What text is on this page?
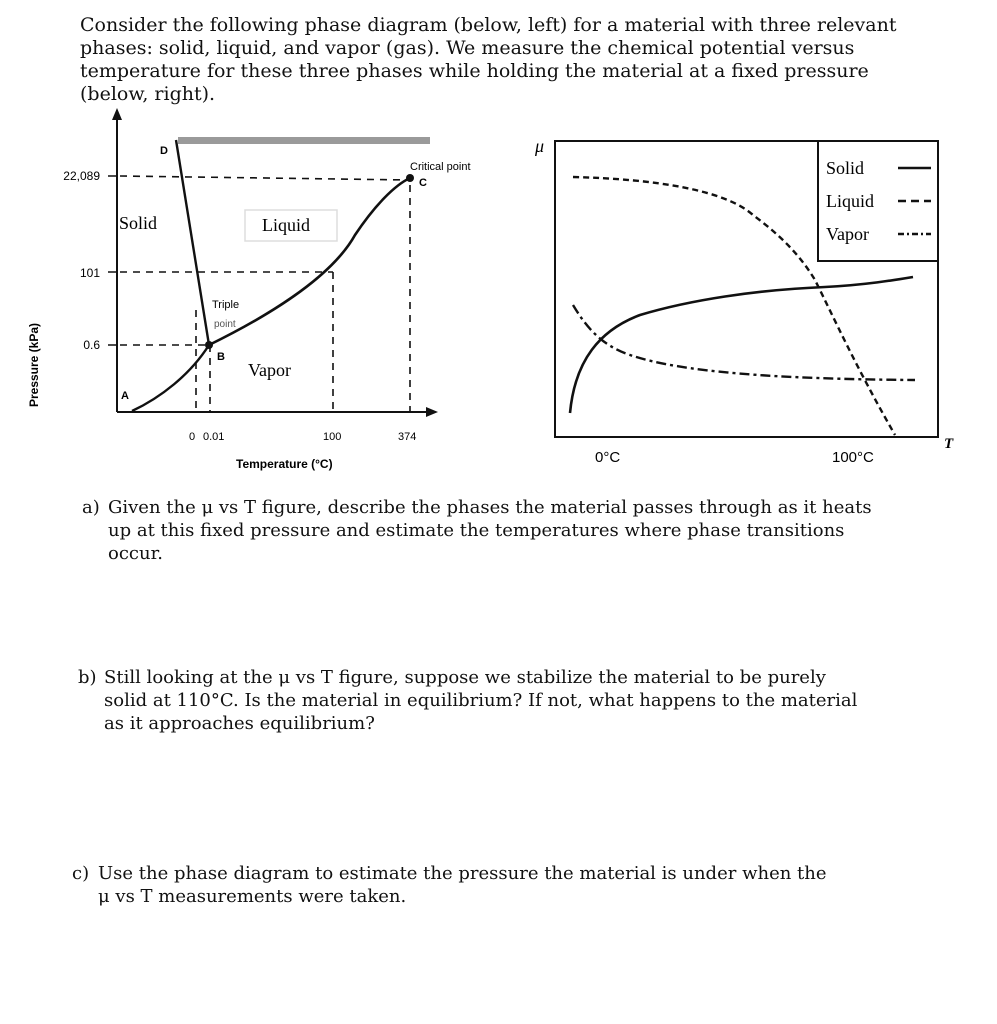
Consider the following phase diagram (below, left) for a material with three relevant phases: solid, liquid, and vapor (gas). We measure the chemical potential versus temperature for these three phases while holding the material at a fixed pressure (below, right).

Pressure (kPa)
22,089
101
0.6
D
C
B
A
Solid	Liquid
Vapor
Triple
point
Critical point
0 0.01	100	374
Temperature (°C)
μ
Solid
Liquid
Vapor
0°C	100°C
T

a) Given the μ vs T figure, describe the phases the material passes through as it heats up at this fixed pressure and estimate the temperatures where phase transitions occur.

b) Still looking at the μ vs T figure, suppose we stabilize the material to be purely solid at 110°C. Is the material in equilibrium? If not, what happens to the material as it approaches equilibrium?

c) Use the phase diagram to estimate the pressure the material is under when the μ vs T measurements were taken.
